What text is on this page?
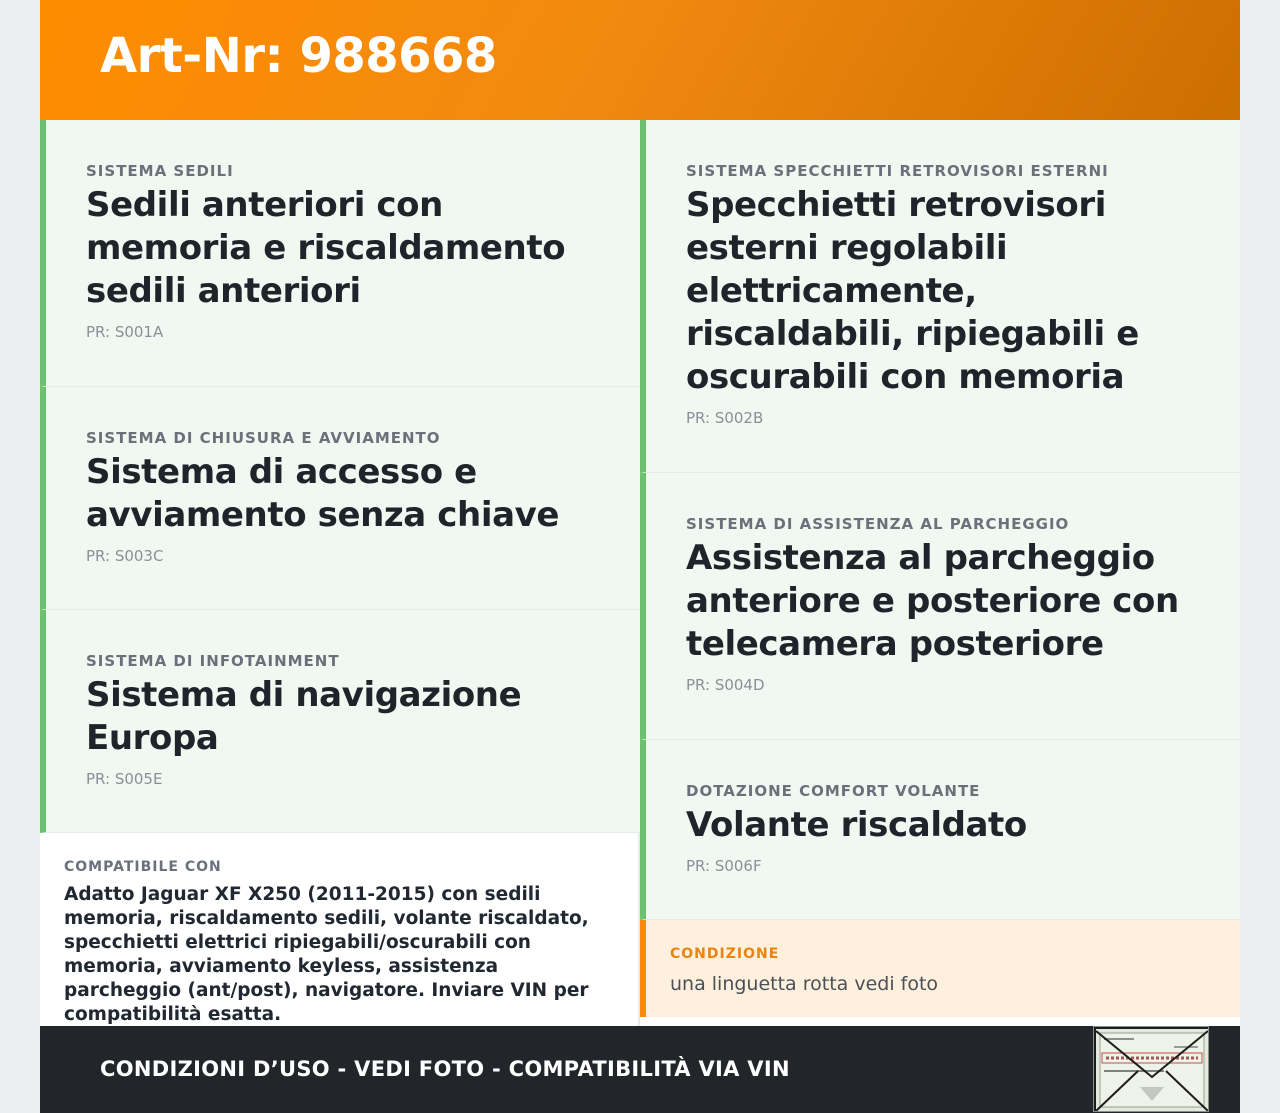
Art-Nr: 988668
SISTEMA SEDILI
Sedili anteriori con memoria e riscaldamento sedili anteriori
PR: S001A
SISTEMA DI CHIUSURA E AVVIAMENTO
Sistema di accesso e avviamento senza chiave
PR: S003C
SISTEMA DI INFOTAINMENT
Sistema di navigazione Europa
PR: S005E
SISTEMA SPECCHIETTI RETROVISORI ESTERNI
Specchietti retrovisori esterni regolabili elettricamente, riscaldabili, ripiegabili e oscurabili con memoria
PR: S002B
SISTEMA DI ASSISTENZA AL PARCHEGGIO
Assistenza al parcheggio anteriore e posteriore con telecamera posteriore
PR: S004D
DOTAZIONE COMFORT VOLANTE
Volante riscaldato
PR: S006F
COMPATIBILE CON
Adatto Jaguar XF X250 (2011-2015) con sedili memoria, riscaldamento sedili, volante riscaldato, specchietti elettrici ripiegabili/oscurabili con memoria, avviamento keyless, assistenza parcheggio (ant/post), navigatore. Inviare VIN per compatibilità esatta.
CONDIZIONE
una linguetta rotta vedi foto
CONDIZIONI D’USO - VEDI FOTO - COMPATIBILITÀ VIA VIN
